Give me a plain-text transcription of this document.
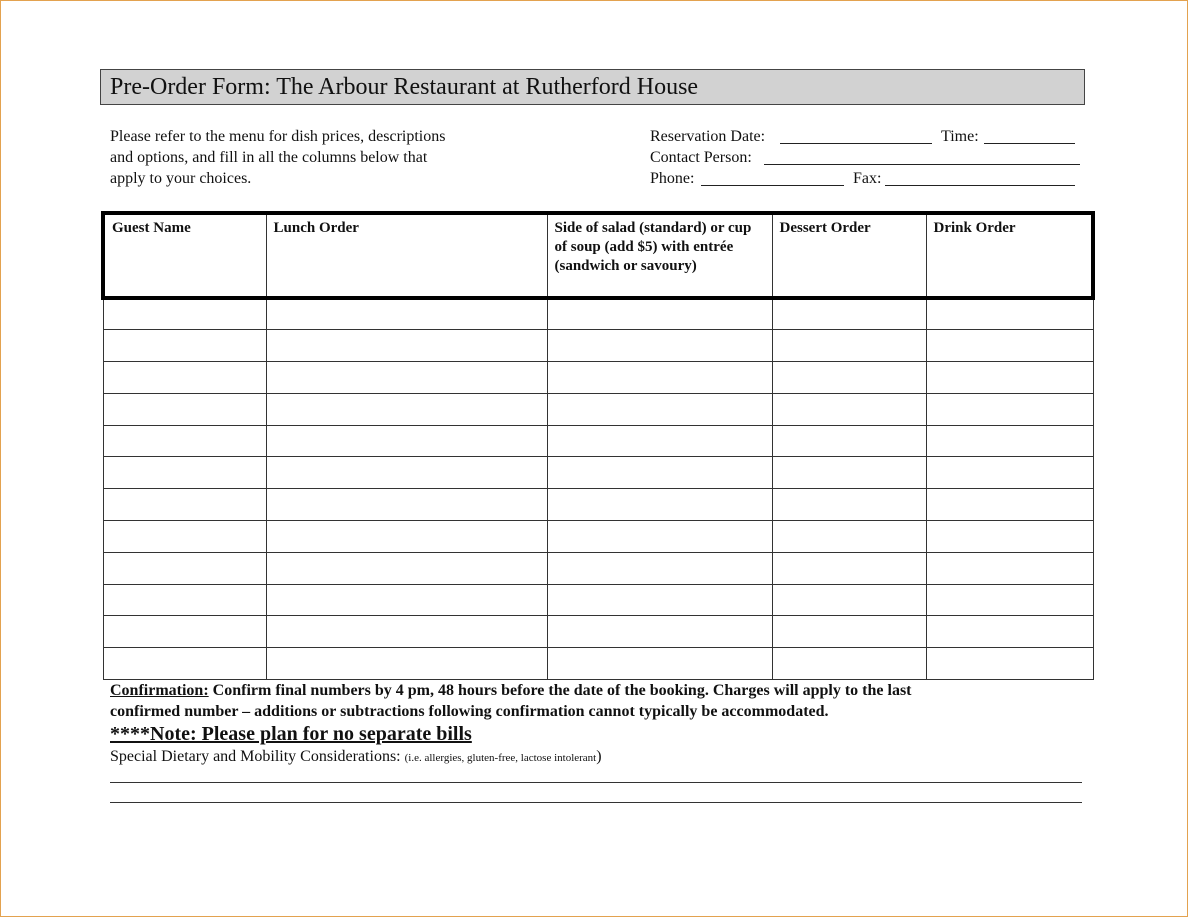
Pre-Order Form: The Arbour Restaurant at Rutherford House
Please refer to the menu for dish prices, descriptions
and options, and fill in all the columns below that
apply to your choices.
Reservation Date:	Time:
Contact Person:
Phone:	Fax:
Guest Name	Lunch Order	Side of salad (standard) or cup of soup (add $5) with entrée (sandwich or savoury)	Dessert Order	Drink Order

Confirmation: Confirm final numbers by 4 pm, 48 hours before the date of the booking. Charges will apply to the last
confirmed number – additions or subtractions following confirmation cannot typically be accommodated.
****Note: Please plan for no separate bills
Special Dietary and Mobility Considerations: (i.e. allergies, gluten-free, lactose intolerant)
